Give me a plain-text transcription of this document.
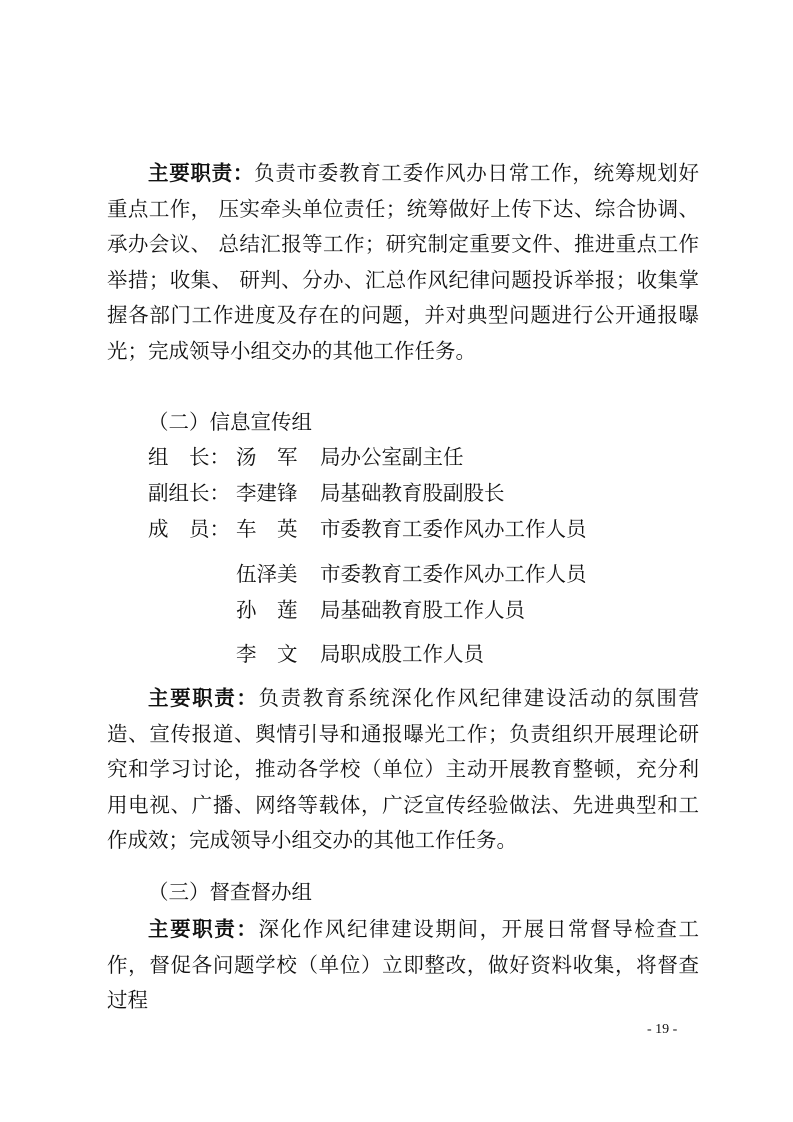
主要职责：负责市委教育工委作风办日常工作，统筹规划好重点工作， 压实牵头单位责任；统筹做好上传下达、综合协调、承办会议、 总结汇报等工作；研究制定重要文件、推进重点工作举措；收集、 研判、分办、汇总作风纪律问题投诉举报；收集掌握各部门工作进度及存在的问题，并对典型问题进行公开通报曝光；完成领导小组交办的其他工作任务。

（二）信息宣传组

组　长： 汤　军 局办公室副主任

副组长： 李建锋 局基础教育股副股长

成　员： 车　英 市委教育工委作风办工作人员

伍泽美 市委教育工委作风办工作人员

孙　莲 局基础教育股工作人员

李　文 局职成股工作人员

主要职责：负责教育系统深化作风纪律建设活动的氛围营造、宣传报道、舆情引导和通报曝光工作；负责组织开展理论研究和学习讨论，推动各学校（单位）主动开展教育整顿，充分利用电视、广播、网络等载体，广泛宣传经验做法、先进典型和工作成效；完成领导小组交办的其他工作任务。

（三）督查督办组

主要职责：深化作风纪律建设期间，开展日常督导检查工作，督促各问题学校（单位）立即整改，做好资料收集，将督查过程

- 19 -
